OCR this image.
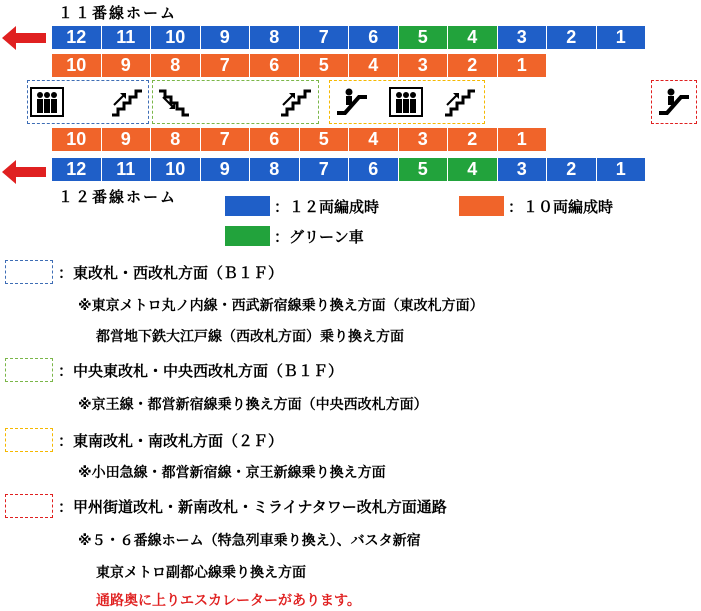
１１番線ホーム
１２番線ホーム
12	11	10	9	8	7	6	5	4	3	2	1
10	9	8	7	6	5	4	3	2	1
10	9	8	7	6	5	4	3	2	1
12	11	10	9	8	7	6	5	4	3	2	1
：１２両編成時	：１０両編成時
：グリーン車
：東改札・西改札方面（Ｂ１Ｆ）
※東京メトロ丸ノ内線・西武新宿線乗り換え方面（東改札方面）
都営地下鉄大江戸線（西改札方面）乗り換え方面
：中央東改札・中央西改札方面（Ｂ１Ｆ）
※京王線・都営新宿線乗り換え方面（中央西改札方面）
：東南改札・南改札方面（２Ｆ）
※小田急線・都営新宿線・京王新線乗り換え方面
：甲州街道改札・新南改札・ミライナタワー改札方面通路
※５・６番線ホーム（特急列車乗り換え）、バスタ新宿
東京メトロ副都心線乗り換え方面
通路奥に上りエスカレーターがあります。
